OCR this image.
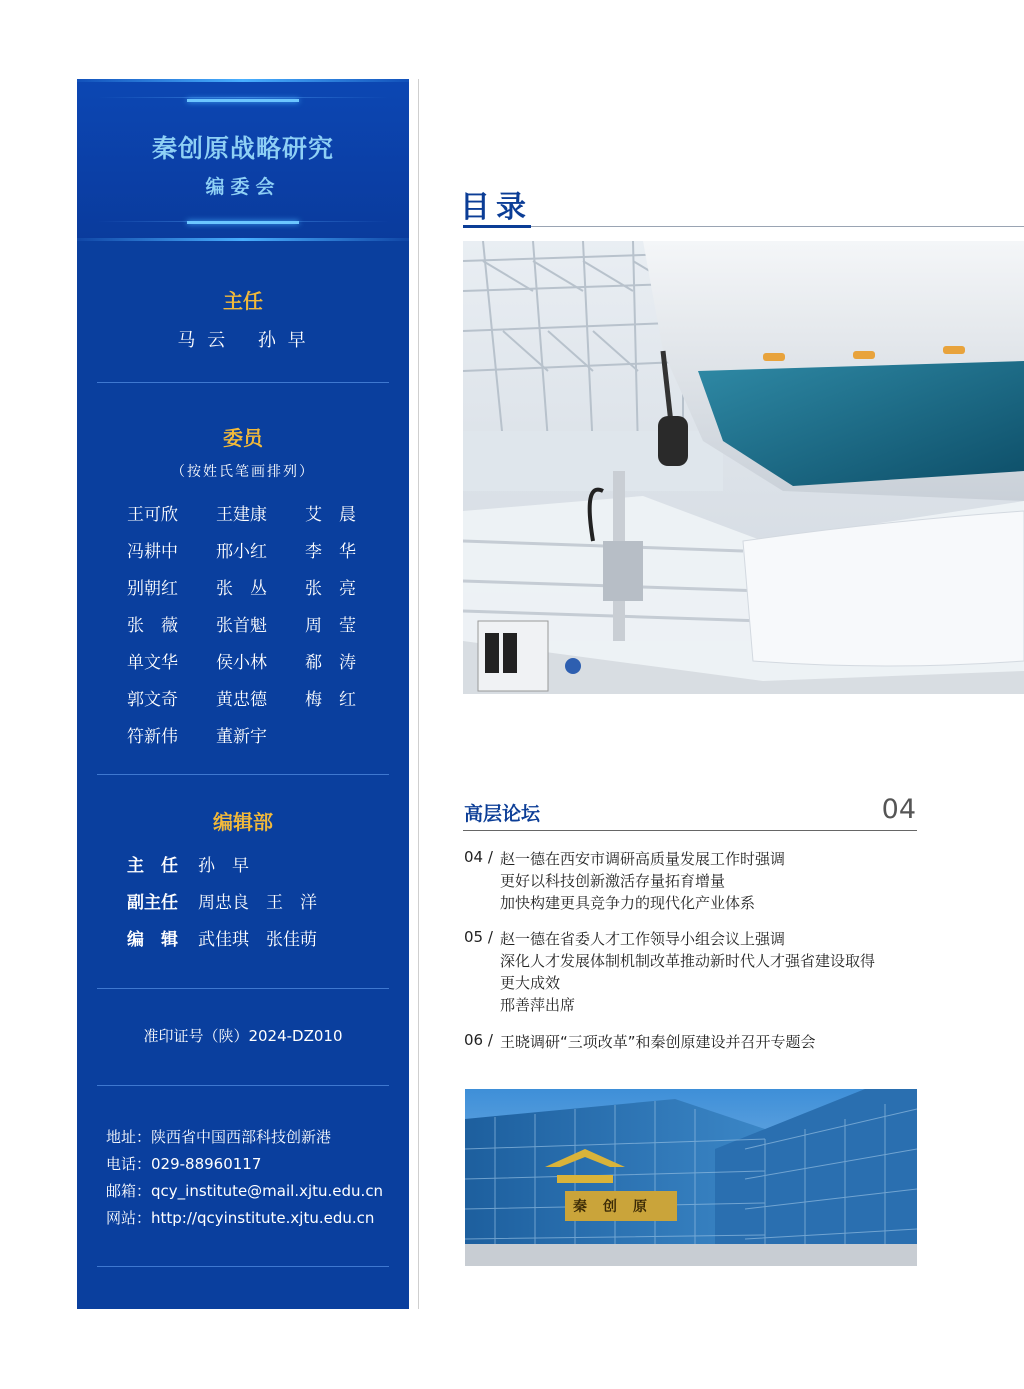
秦创原战略研究
编委会
主任
马 云　 孙 早
委员
（按姓氏笔画排列）
王可欣	王建康	艾　晨
冯耕中	邢小红	李　华
别朝红	张　丛	张　亮
张　薇	张首魁	周　莹
单文华	侯小林	郗　涛
郭文奇	黄忠德	梅　红
符新伟	董新宇
编辑部
主　任	孙　早
副主任	周忠良　王　洋
编　辑	武佳琪　张佳萌
准印证号（陕）2024-DZ010
地址：陕西省中国西部科技创新港
电话：029-88960117
邮箱：qcy_institute@mail.xjtu.edu.cn
网站：http://qcyinstitute.xjtu.edu.cn
目录
高层论坛	04
04 / 赵一德在西安市调研高质量发展工作时强调
更好以科技创新激活存量拓育增量
加快构建更具竞争力的现代化产业体系
05 / 赵一德在省委人才工作领导小组会议上强调
深化人才发展体制机制改革推动新时代人才强省建设取得
更大成效
邢善萍出席
06 / 王晓调研“三项改革”和秦创原建设并召开专题会
秦创原
